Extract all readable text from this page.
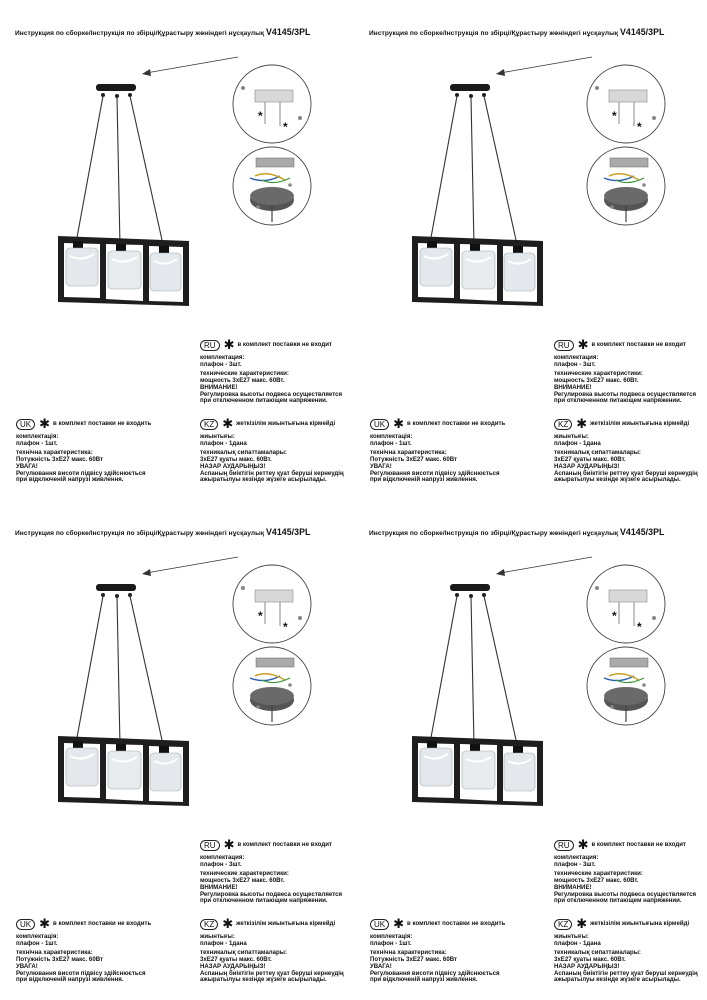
Инструкция по сборке/Інструкція по збірці/Құрастыру жөніндегі нұсқаулық V4145/3PL
*
*
RU ✱ в комплект поставки не входит
комплектация:
плафон - 3шт.
технические характеристики:
мощность 3xE27 макс. 60Вт.
ВНИМАНИЕ!
Регулировка высоты подвеса осуществляется
при отключенном питающем напряжении.
UK ✱ в комплект поставки не входить
комплектація:
плафон - 1шт.
технічна характеристика:
Потужність 3xE27 макс. 60Вт
УВАГА!
Регулювання висоти підвісу здійснюється
при відключеній напрузі живлення.
KZ ✱ жеткізілім жиынтығына кірмейді
жиынтығы:
плафон - 1дана
техникалық сипаттамалары:
3xE27 қуаты макс. 60Вт.
НАЗАР АУДАРЫҢЫЗ!
Аспаның биіктігін реттеу қуат беруші кернеудің
ажыратылуы кезінде жүзеге асырылады.
Инструкция по сборке/Інструкція по збірці/Құрастыру жөніндегі нұсқаулық V4145/3PL
*
*
RU ✱ в комплект поставки не входит
комплектация:
плафон - 3шт.
технические характеристики:
мощность 3xE27 макс. 60Вт.
ВНИМАНИЕ!
Регулировка высоты подвеса осуществляется
при отключенном питающем напряжении.
UK ✱ в комплект поставки не входить
комплектація:
плафон - 1шт.
технічна характеристика:
Потужність 3xE27 макс. 60Вт
УВАГА!
Регулювання висоти підвісу здійснюється
при відключеній напрузі живлення.
KZ ✱ жеткізілім жиынтығына кірмейді
жиынтығы:
плафон - 1дана
техникалық сипаттамалары:
3xE27 қуаты макс. 60Вт.
НАЗАР АУДАРЫҢЫЗ!
Аспаның биіктігін реттеу қуат беруші кернеудің
ажыратылуы кезінде жүзеге асырылады.
Инструкция по сборке/Інструкція по збірці/Құрастыру жөніндегі нұсқаулық V4145/3PL
*
*
RU ✱ в комплект поставки не входит
комплектация:
плафон - 3шт.
технические характеристики:
мощность 3xE27 макс. 60Вт.
ВНИМАНИЕ!
Регулировка высоты подвеса осуществляется
при отключенном питающем напряжении.
UK ✱ в комплект поставки не входить
комплектація:
плафон - 1шт.
технічна характеристика:
Потужність 3xE27 макс. 60Вт
УВАГА!
Регулювання висоти підвісу здійснюється
при відключеній напрузі живлення.
KZ ✱ жеткізілім жиынтығына кірмейді
жиынтығы:
плафон - 1дана
техникалық сипаттамалары:
3xE27 қуаты макс. 60Вт.
НАЗАР АУДАРЫҢЫЗ!
Аспаның биіктігін реттеу қуат беруші кернеудің
ажыратылуы кезінде жүзеге асырылады.
Инструкция по сборке/Інструкція по збірці/Құрастыру жөніндегі нұсқаулық V4145/3PL
*
*
RU ✱ в комплект поставки не входит
комплектация:
плафон - 3шт.
технические характеристики:
мощность 3xE27 макс. 60Вт.
ВНИМАНИЕ!
Регулировка высоты подвеса осуществляется
при отключенном питающем напряжении.
UK ✱ в комплект поставки не входить
комплектація:
плафон - 1шт.
технічна характеристика:
Потужність 3xE27 макс. 60Вт
УВАГА!
Регулювання висоти підвісу здійснюється
при відключеній напрузі живлення.
KZ ✱ жеткізілім жиынтығына кірмейді
жиынтығы:
плафон - 1дана
техникалық сипаттамалары:
3xE27 қуаты макс. 60Вт.
НАЗАР АУДАРЫҢЫЗ!
Аспаның биіктігін реттеу қуат беруші кернеудің
ажыратылуы кезінде жүзеге асырылады.
